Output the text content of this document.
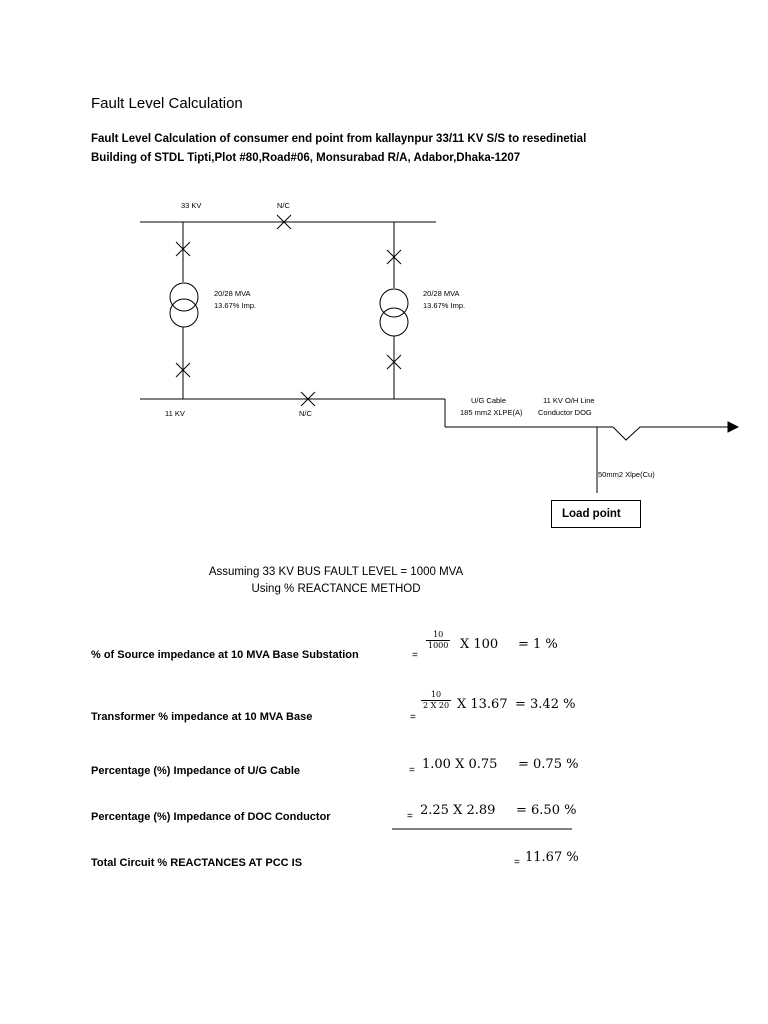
Fault Level Calculation
Fault Level Calculation of consumer end point from kallaynpur 33/11 KV S/S to resedinetial
Building of STDL Tipti,Plot #80,Road#06, Monsurabad R/A, Adabor,Dhaka-1207
33 KV	N/C
20/28 MVA
13.67% Imp.
20/28 MVA
13.67% Imp.
11 KV	N/C
U/G Cable
185 mm2 XLPE(A)
11 KV O/H Line
Conductor DOG
50mm2 Xlpe(Cu)
Load point
Assuming 33 KV BUS FAULT LEVEL = 1000 MVA
Using % REACTANCE METHOD
% of Source impedance at 10 MVA Base Substation	=
$\frac{10}{1000}$ X 100 = 1 %
Transformer % impedance at 10 MVA Base	=
$\frac{10}{2 X 20}$ X 13.67 = 3.42 %
Percentage (%) Impedance of U/G Cable	= 1.00 X 0.75 = 0.75 %
Percentage (%) Impedance of DOC Conductor	= 2.25 X 2.89 = 6.50 %
Total Circuit % REACTANCES AT PCC IS	= 11.67 %
